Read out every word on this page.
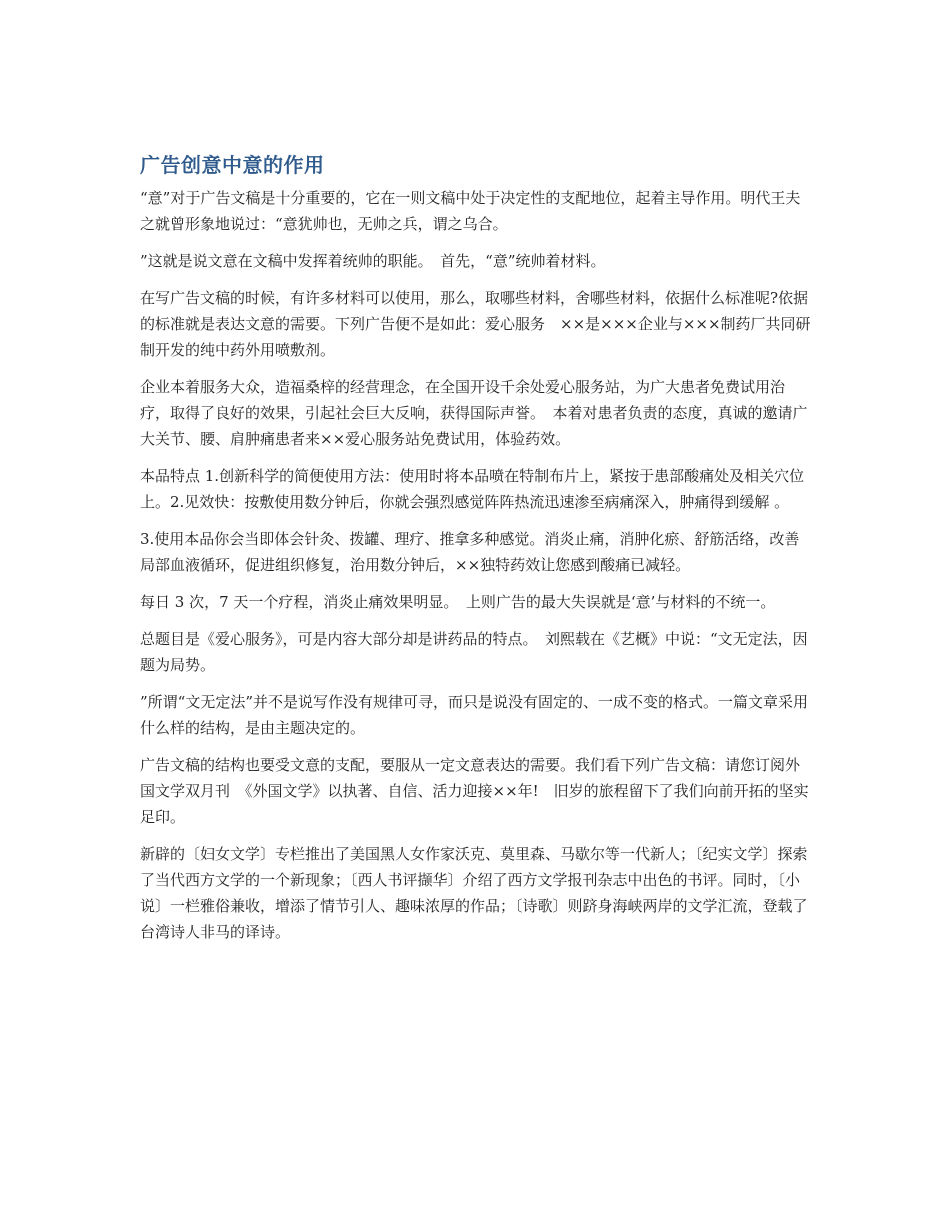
广告创意中意的作用

“意”对于广告文稿是十分重要的，它在一则文稿中处于决定性的支配地位，起着主导作用。明代王夫之就曾形象地说过：“意犹帅也，无帅之兵，谓之乌合。

”这就是说文意在文稿中发挥着统帅的职能。　首先，“意”统帅着材料。

在写广告文稿的时候，有许多材料可以使用，那么，取哪些材料，舍哪些材料，依据什么标准呢?依据的标准就是表达文意的需要。下列广告便不是如此：爱心服务　××是×××企业与×××制药厂共同研制开发的纯中药外用喷敷剂。

企业本着服务大众，造福桑梓的经营理念，在全国开设千余处爱心服务站，为广大患者免费试用治疗，取得了良好的效果，引起社会巨大反响，获得国际声誉。　本着对患者负责的态度，真诚的邀请广大关节、腰、肩肿痛患者来××爱心服务站免费试用，体验药效。

本品特点 1.创新科学的简便使用方法：使用时将本品喷在特制布片上，紧按于患部酸痛处及相关穴位上。2.见效快：按敷使用数分钟后，你就会强烈感觉阵阵热流迅速渗至病痛深入，肿痛得到缓解 。

3.使用本品你会当即体会针灸、拨罐、理疗、推拿多种感觉。消炎止痛，消肿化瘀、舒筋活络，改善局部血液循环，促进组织修复，治用数分钟后，××独特药效让您感到酸痛已减轻。

每日 3 次，7 天一个疗程，消炎止痛效果明显。　上则广告的最大失误就是‘意’与材料的不统一。

总题目是《爱心服务》，可是内容大部分却是讲药品的特点。　刘熙载在《艺概》中说：“文无定法，因题为局势。

”所谓“文无定法”并不是说写作没有规律可寻，而只是说没有固定的、一成不变的格式。一篇文章采用什么样的结构，是由主题决定的。

广告文稿的结构也要受文意的支配，要服从一定文意表达的需要。我们看下列广告文稿：请您订阅外国文学双月刊　《外国文学》以执著、自信、活力迎接××年!　旧岁的旅程留下了我们向前开拓的坚实足印。

新辟的〔妇女文学〕专栏推出了美国黑人女作家沃克、莫里森、马歇尔等一代新人；〔纪实文学〕探索了当代西方文学的一个新现象；〔西人书评撷华〕介绍了西方文学报刊杂志中出色的书评。同时，〔小说〕一栏雅俗兼收，增添了情节引人、趣味浓厚的作品；〔诗歌〕则跻身海峡两岸的文学汇流，登载了台湾诗人非马的译诗。
